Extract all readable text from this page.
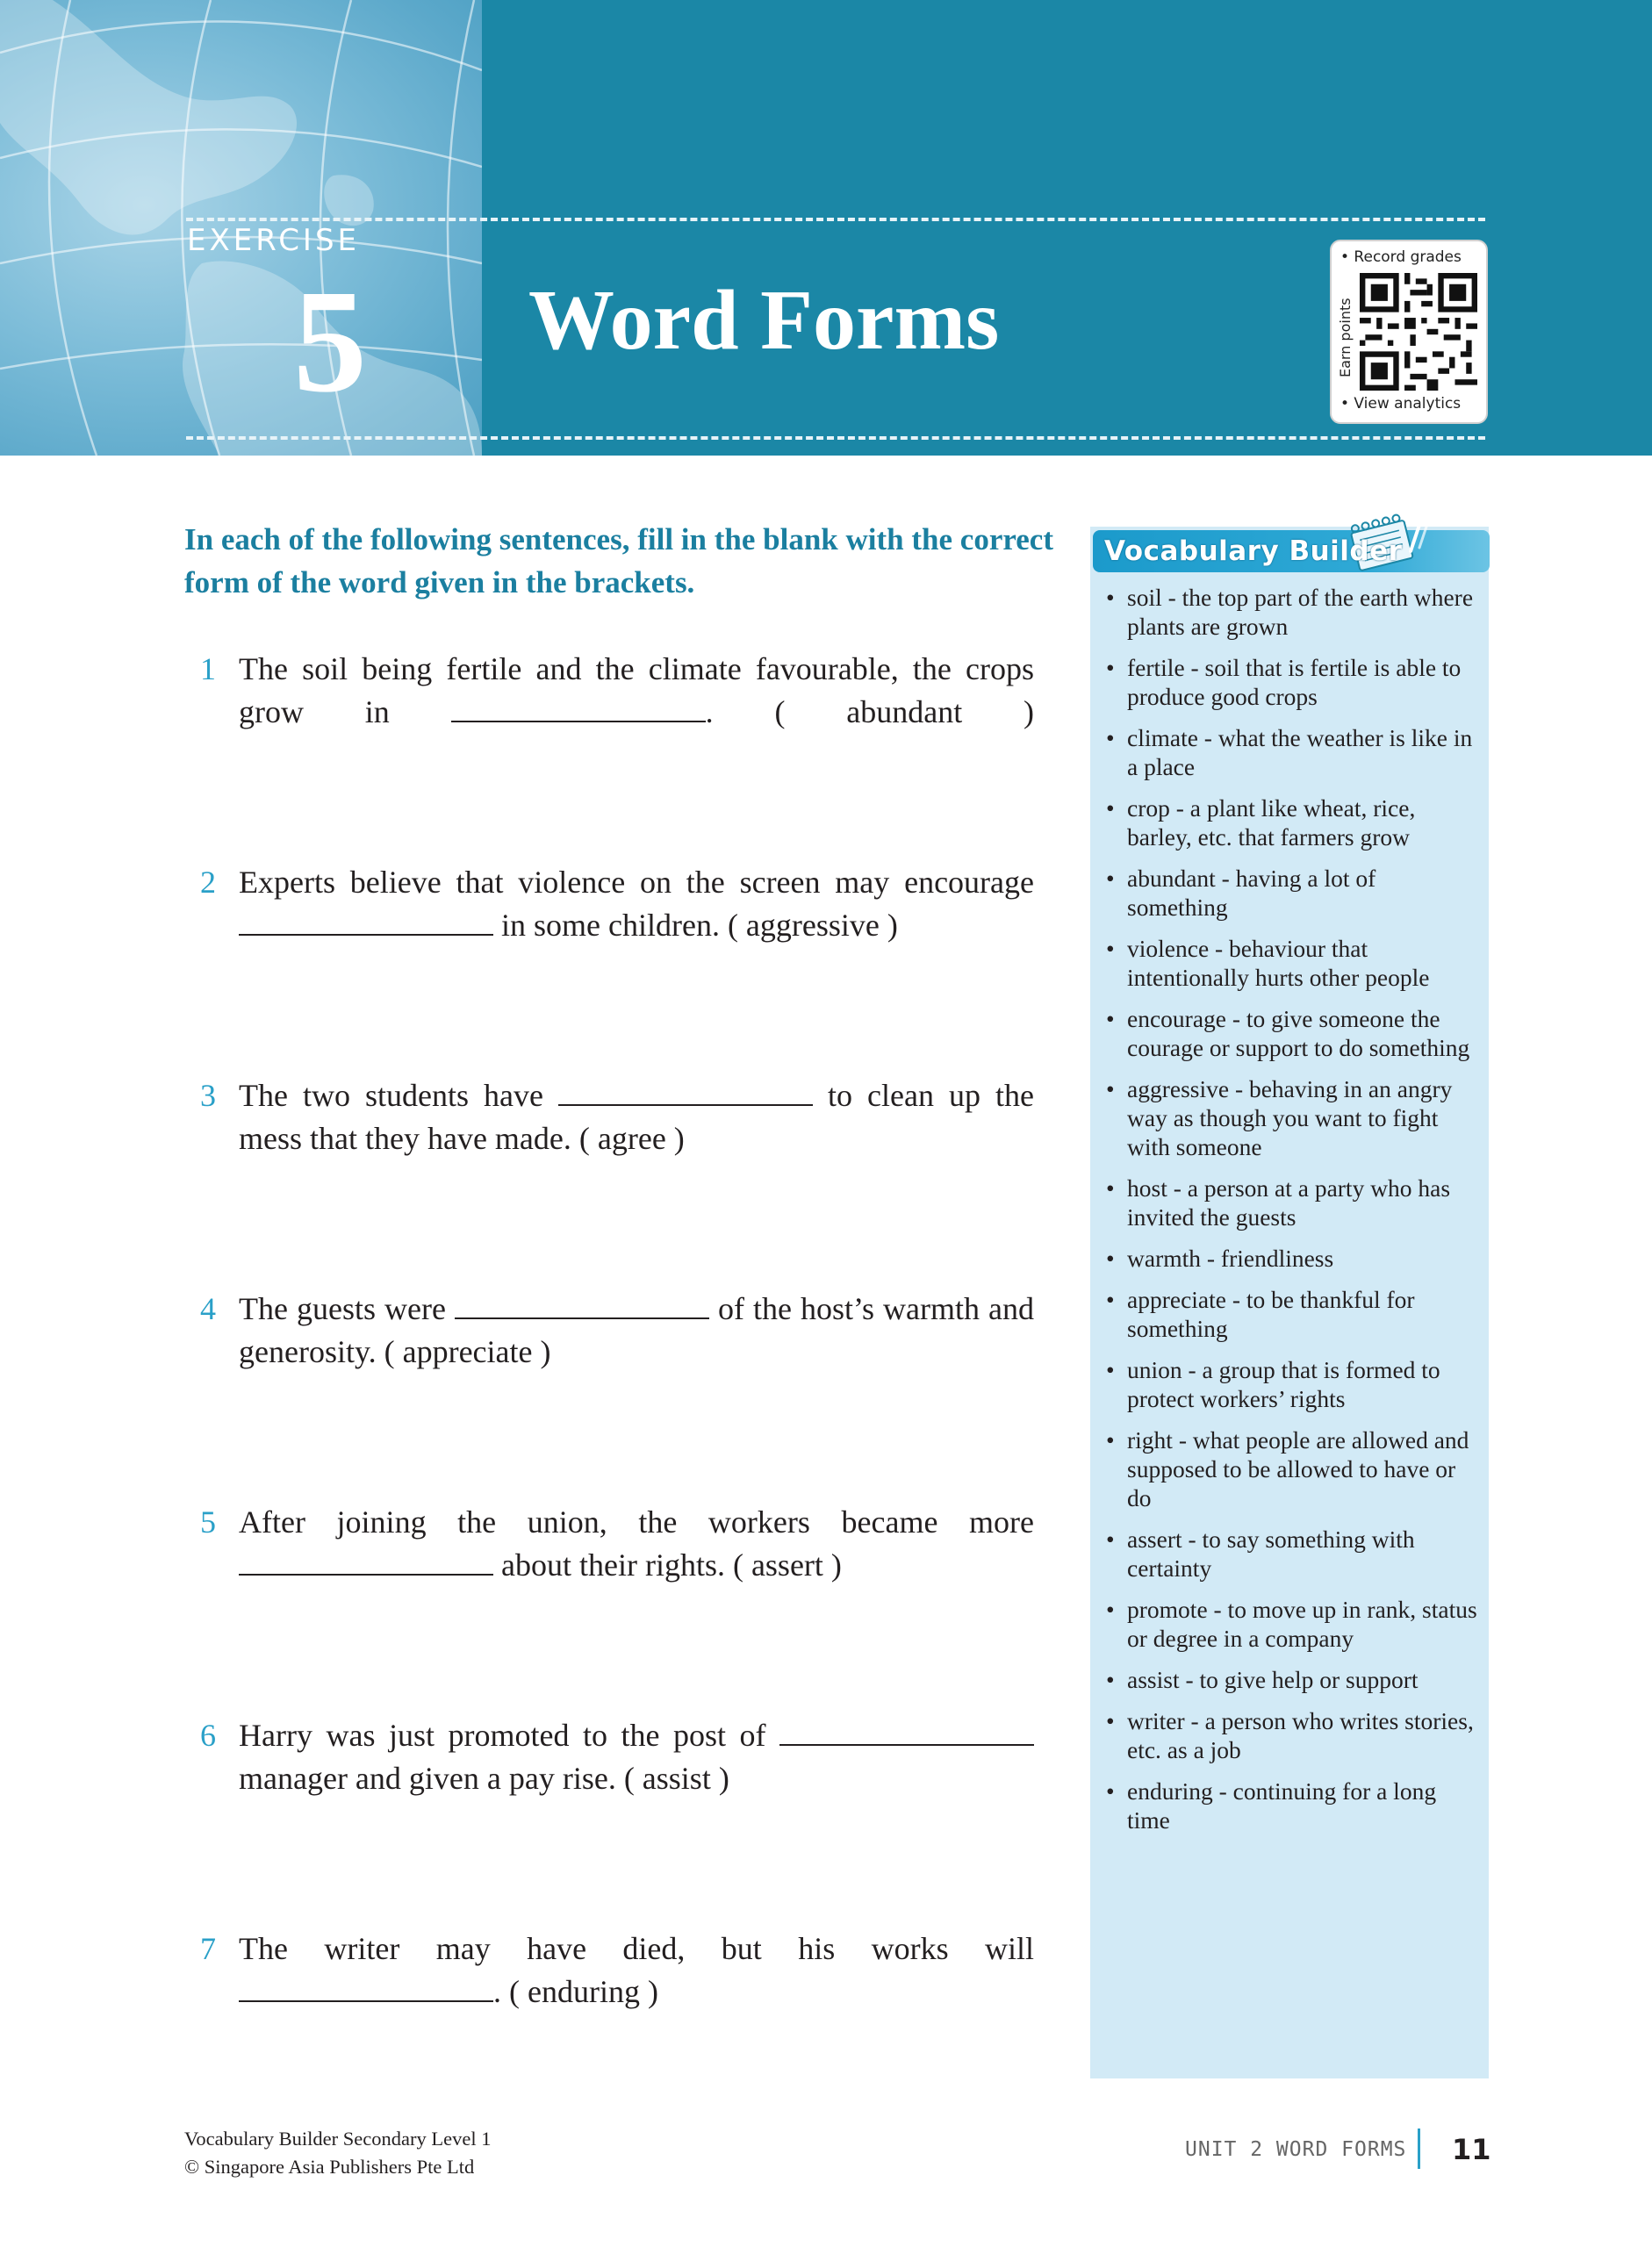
EXERCISE
5 Word Forms
• Record grades
Earn points
• View analytics
In each of the following sentences, fill in the blank with the correct form of the word given in the brackets.
1 The soil being fertile and the climate favourable, the crops grow in	. ( abundant )
2 Experts believe that violence on the screen may encourage  in some children. ( aggressive )
3 The two students have	to clean up the mess that they have made. ( agree )
4 The guests were	of the host’s warmth and generosity. ( appreciate )
5 After joining the union, the workers became more  about their rights. ( assert )
6 Harry was just promoted to the post of  manager and given a pay rise. ( assist )
7 The writer may have died, but his works will . ( enduring )
Vocabulary Builder
• soil - the top part of the earth where plants are grown
• fertile - soil that is fertile is able to produce good crops
• climate - what the weather is like in a place
• crop - a plant like wheat, rice, barley, etc. that farmers grow
• abundant - having a lot of something
• violence - behaviour that intentionally hurts other people
• encourage - to give someone the courage or support to do something
• aggressive - behaving in an angry way as though you want to fight with someone
• host - a person at a party who has invited the guests
• warmth - friendliness
• appreciate - to be thankful for something
• union - a group that is formed to protect workers’ rights
• right - what people are allowed and supposed to be allowed to have or do
• assert - to say something with certainty
• promote - to move up in rank, status or degree in a company
• assist - to give help or support
• writer - a person who writes stories, etc. as a job
• enduring - continuing for a long time
Vocabulary Builder Secondary Level 1
© Singapore Asia Publishers Pte Ltd
UNIT 2 WORD FORMS 11
